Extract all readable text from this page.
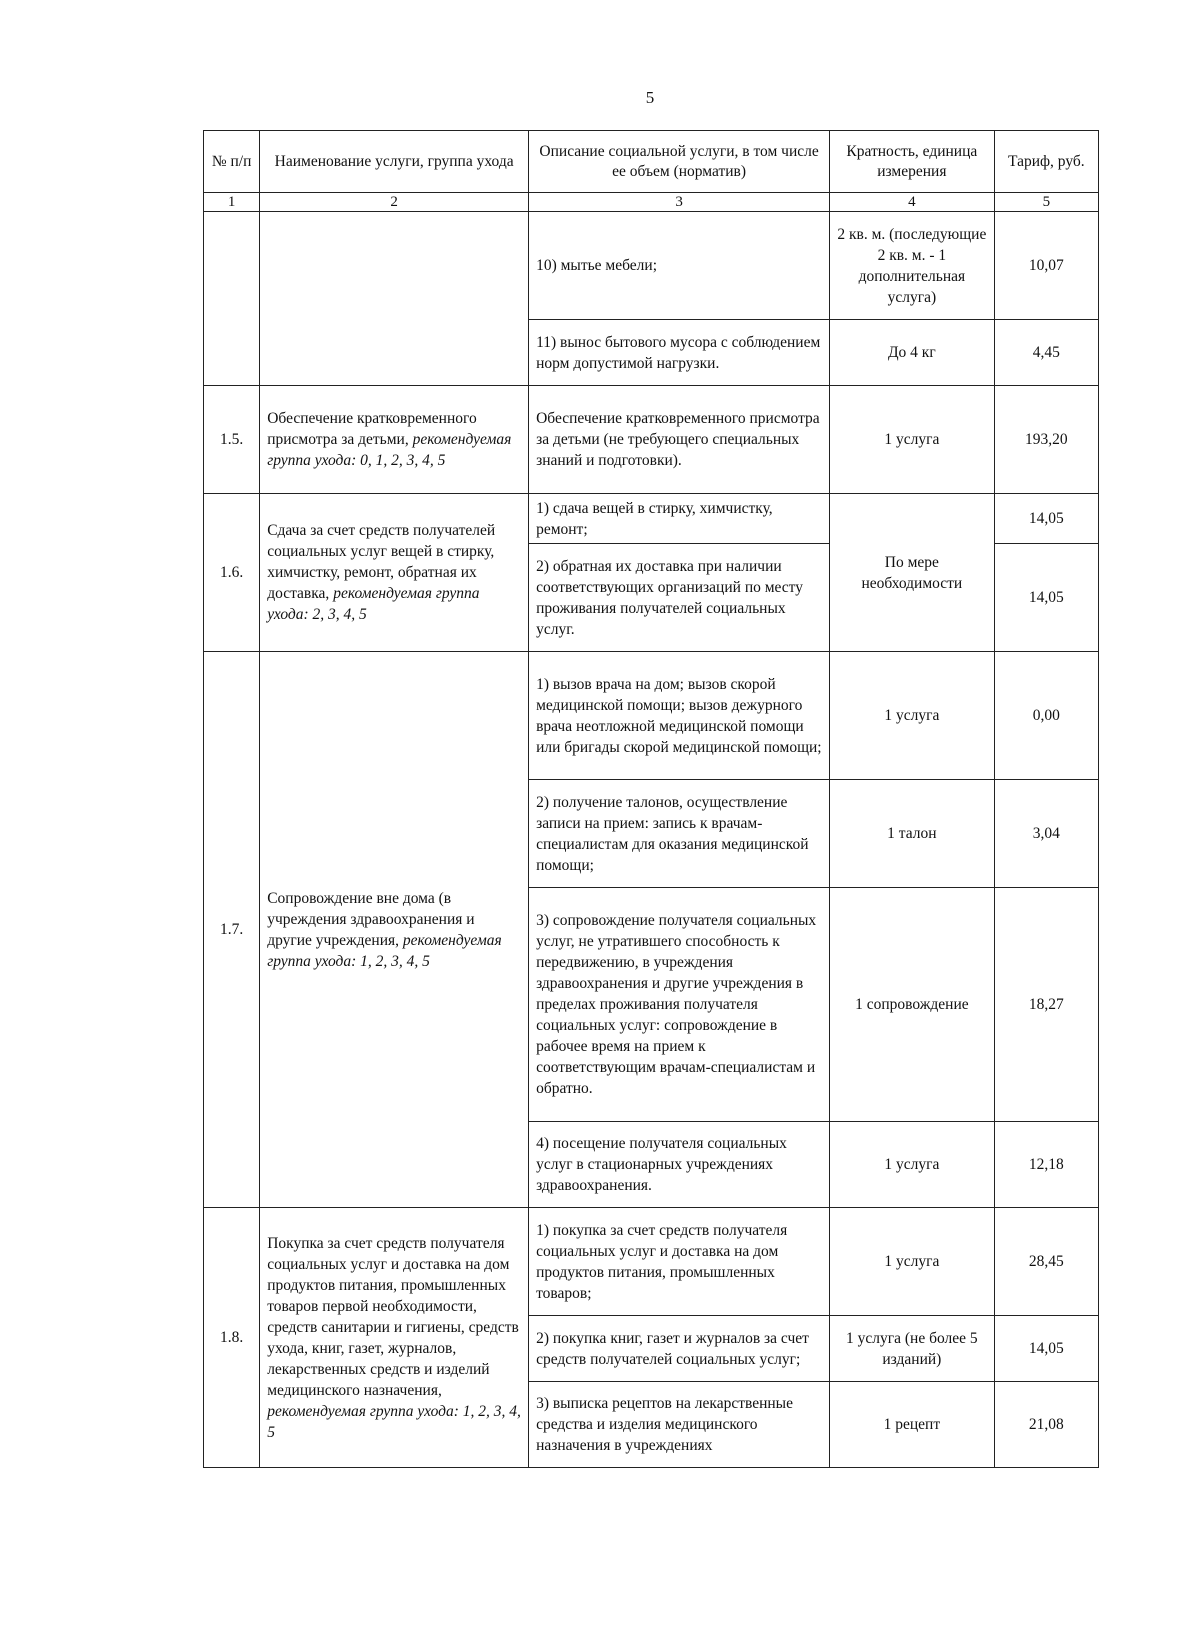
5
№ п/п	Наименование услуги, группа ухода	Описание социальной услуги, в том числе ее объем (норматив)	Кратность, единица измерения	Тариф, руб.
1	2	3	4	5
		10) мытье мебели;	2 кв. м. (последующие 2 кв. м. - 1 дополнительная услуга)	10,07
		11) вынос бытового мусора с соблюдением норм допустимой нагрузки.	До 4 кг	4,45
1.5.	Обеспечение кратковременного присмотра за детьми, рекомендуемая группа ухода: 0, 1, 2, 3, 4, 5	Обеспечение кратковременного присмотра за детьми (не требующего специальных знаний и подготовки).	1 услуга	193,20
1.6.	Сдача за счет средств получателей социальных услуг вещей в стирку, химчистку, ремонт, обратная их доставка, рекомендуемая группа ухода: 2, 3, 4, 5	1) сдача вещей в стирку, химчистку, ремонт;	По мере необходимости	14,05
		2) обратная их доставка при наличии соответствующих организаций по месту проживания получателей социальных услуг.		14,05
1.7.	Сопровождение вне дома (в учреждения здравоохранения и другие учреждения, рекомендуемая группа ухода: 1, 2, 3, 4, 5	1) вызов врача на дом; вызов скорой медицинской помощи; вызов дежурного врача неотложной медицинской помощи или бригады скорой медицинской помощи;	1 услуга	0,00
		2) получение талонов, осуществление записи на прием: запись к врачам-специалистам для оказания медицинской помощи;	1 талон	3,04
		3) сопровождение получателя социальных услуг, не утратившего способность к передвижению, в учреждения здравоохранения и другие учреждения в пределах проживания получателя социальных услуг: сопровождение в рабочее время на прием к соответствующим врачам-специалистам и обратно.	1 сопровождение	18,27
		4) посещение получателя социальных услуг в стационарных учреждениях здравоохранения.	1 услуга	12,18
1.8.	Покупка за счет средств получателя социальных услуг и доставка на дом продуктов питания, промышленных товаров первой необходимости, средств санитарии и гигиены, средств ухода, книг, газет, журналов, лекарственных средств и изделий медицинского назначения, рекомендуемая группа ухода: 1, 2, 3, 4, 5	1) покупка за счет средств получателя социальных услуг и доставка на дом продуктов питания, промышленных товаров;	1 услуга	28,45
		2) покупка книг, газет и журналов за счет средств получателей социальных услуг;	1 услуга (не более 5 изданий)	14,05
		3) выписка рецептов на лекарственные средства и изделия медицинского назначения в учреждениях	1 рецепт	21,08
